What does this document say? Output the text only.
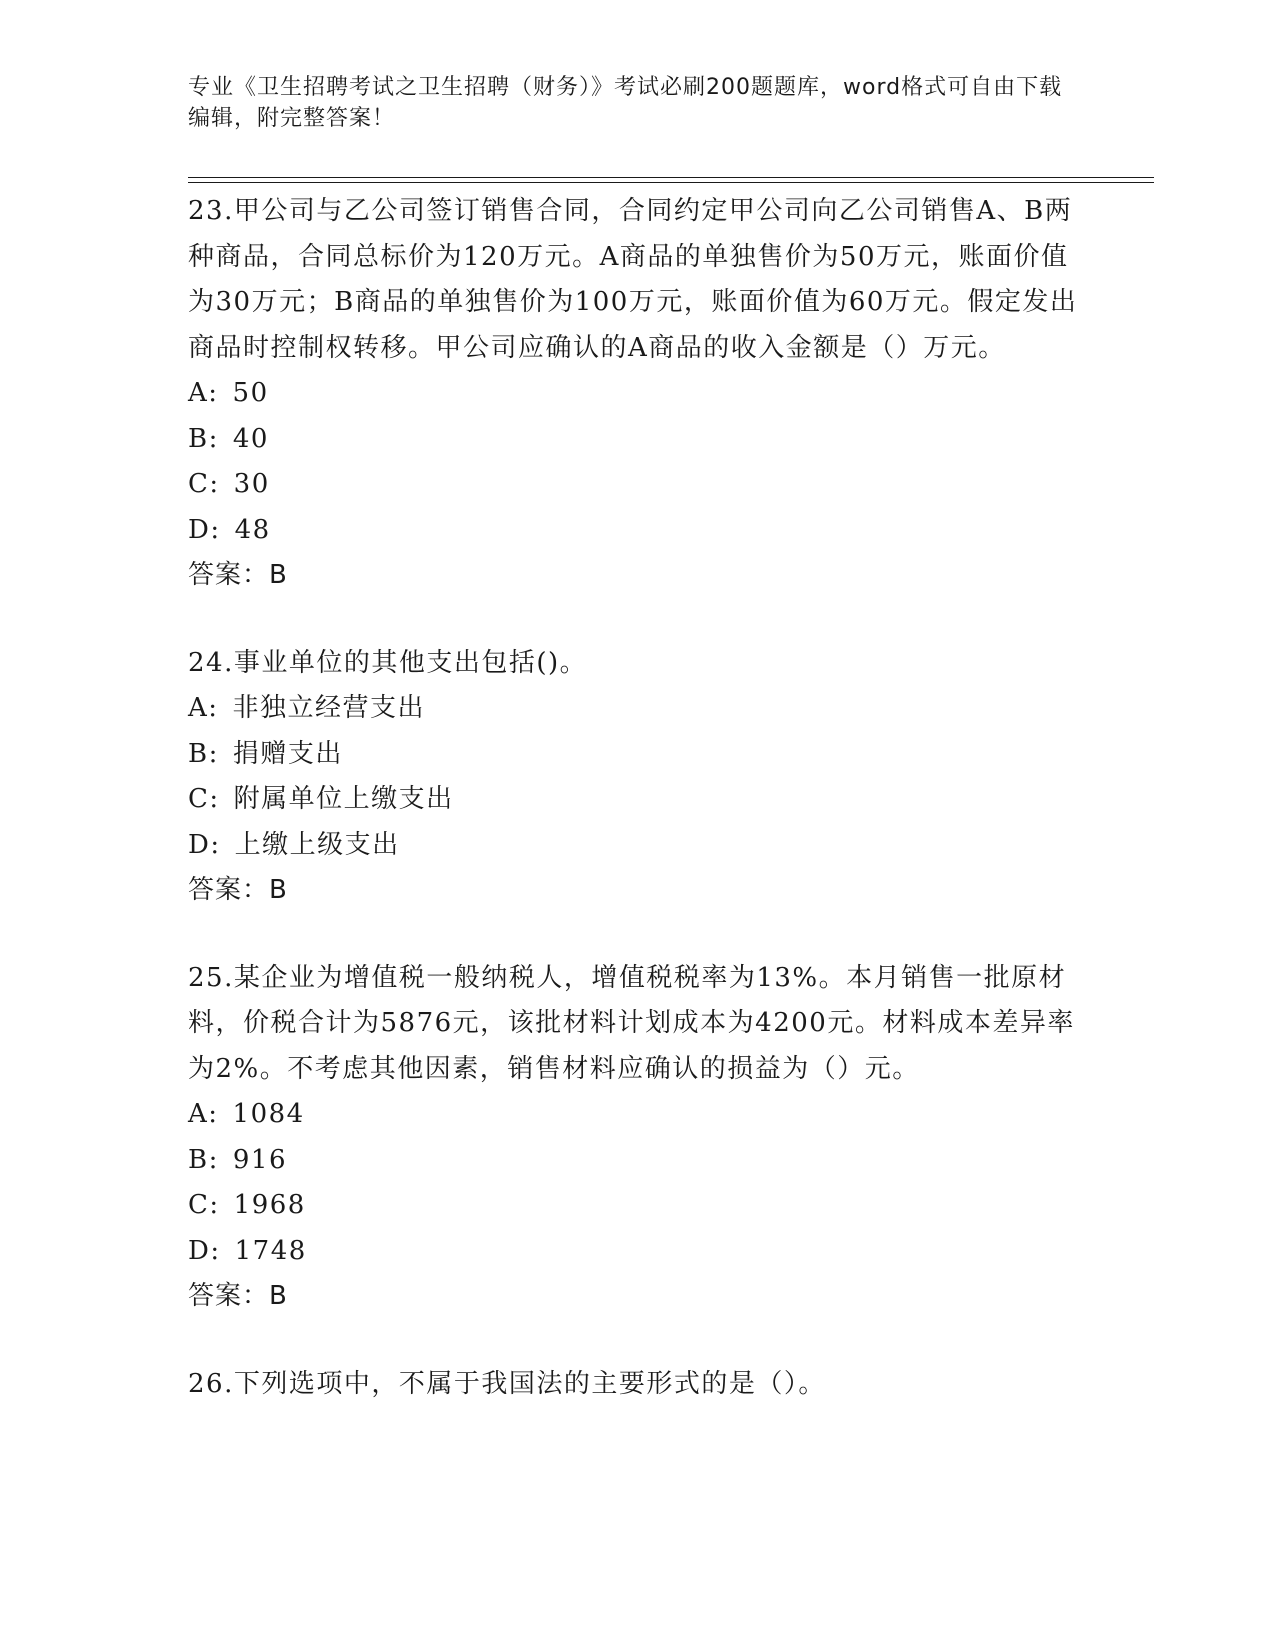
专业《卫生招聘考试之卫生招聘（财务）》考试必刷200题题库，word格式可自由下载编辑，附完整答案！

23.甲公司与乙公司签订销售合同，合同约定甲公司向乙公司销售A、B两种商品，合同总标价为120万元。A商品的单独售价为50万元，账面价值为30万元；B商品的单独售价为100万元，账面价值为60万元。假定发出商品时控制权转移。甲公司应确认的A商品的收入金额是（）万元。

A: 50

B: 40

C: 30

D: 48

答案：B

24.事业单位的其他支出包括()。

A: 非独立经营支出

B: 捐赠支出

C: 附属单位上缴支出

D: 上缴上级支出

答案：B

25.某企业为增值税一般纳税人，增值税税率为13%。本月销售一批原材料，价税合计为5876元，该批材料计划成本为4200元。材料成本差异率为2%。不考虑其他因素，销售材料应确认的损益为（）元。

A: 1084

B: 916

C: 1968

D: 1748

答案：B

26.下列选项中，不属于我国法的主要形式的是（）。
